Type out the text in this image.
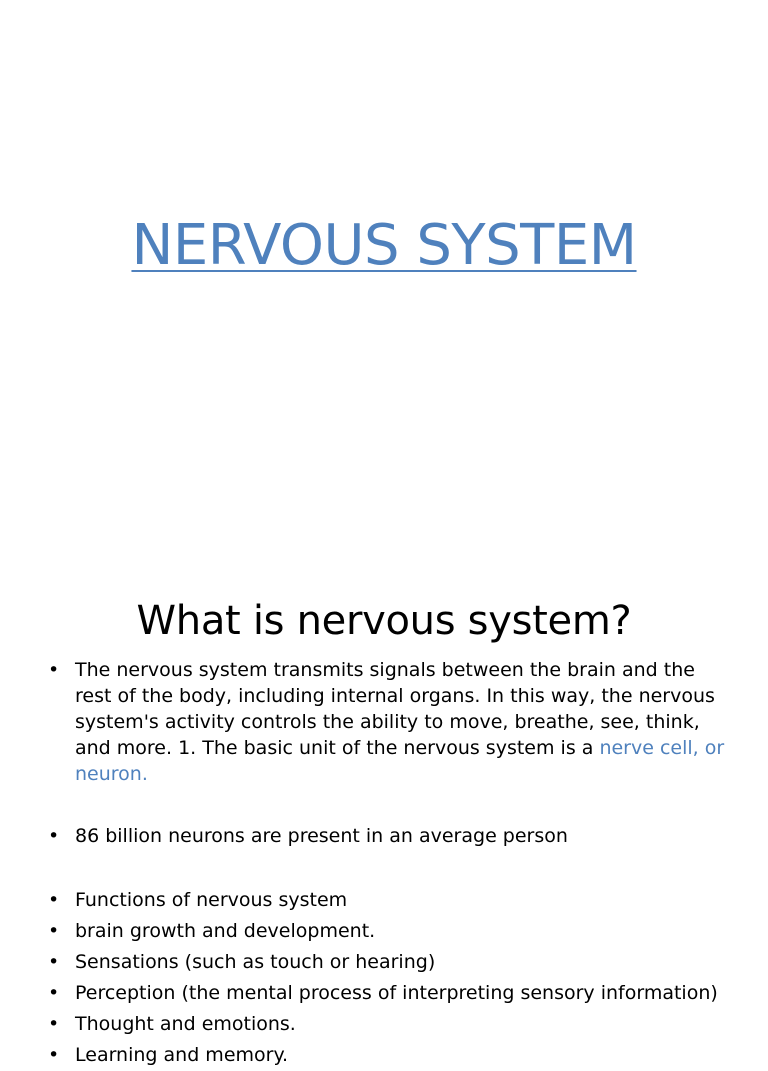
NERVOUS SYSTEM
What is nervous system?
• The nervous system transmits signals between the brain and the rest of the body, including internal organs. In this way, the nervous system's activity controls the ability to move, breathe, see, think, and more. 1. The basic unit of the nervous system is a nerve cell, or neuron.
• 86 billion neurons are present in an average person
• Functions of nervous system
• brain growth and development.
• Sensations (such as touch or hearing)
• Perception (the mental process of interpreting sensory information)
• Thought and emotions.
• Learning and memory.
